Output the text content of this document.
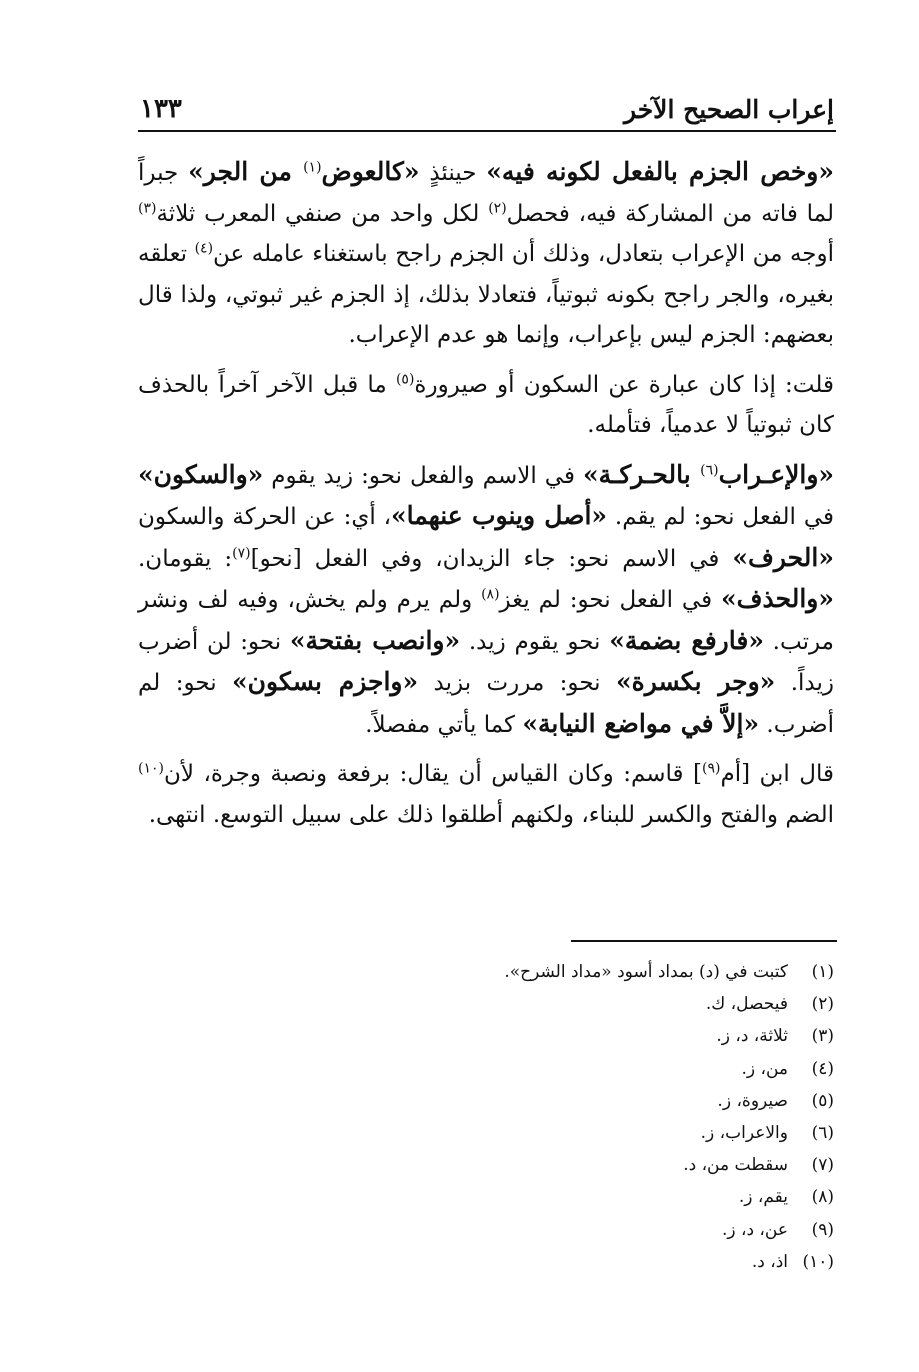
إعراب الصحيح الآخر
١٣٣

«وخص الجزم بالفعل لكونه فيه» حينئذٍ «كالعوض$^{(١)}$ من الجر» جبراً لما فاته من المشاركة فيه، فحصل$^{(٢)}$ لكل واحد من صنفي المعرب ثلاثة$^{(٣)}$ أوجه من الإعراب بتعادل، وذلك أن الجزم راجح باستغناء عامله عن$^{(٤)}$ تعلقه بغيره، والجر راجح بكونه ثبوتياً، فتعادلا بذلك، إذ الجزم غير ثبوتي، ولذا قال بعضهم: الجزم ليس بإعراب، وإنما هو عدم الإعراب.

قلت: إذا كان عبارة عن السكون أو صيرورة$^{(٥)}$ ما قبل الآخر آخراً بالحذف كان ثبوتياً لا عدمياً، فتأمله.

«والإعـراب$^{(٦)}$ بالحـركـة» في الاسم والفعل نحو: زيد يقوم «والسكون» في الفعل نحو: لم يقم. «أصل وينوب عنهما»، أي: عن الحركة والسكون «الحرف» في الاسم نحو: جاء الزيدان، وفي الفعل [نحو]$^{(٧)}$: يقومان. «والحذف» في الفعل نحو: لم يغز$^{(٨)}$ ولم يرم ولم يخش، وفيه لف ونشر مرتب. «فارفع بضمة» نحو يقوم زيد. «وانصب بفتحة» نحو: لن أضرب زيداً. «وجر بكسرة» نحو: مررت بزيد «واجزم بسكون» نحو: لم أضرب. «إلاَّ في مواضع النيابة» كما يأتي مفصلاً.

قال ابن [أم$^{(٩)}$] قاسم: وكان القياس أن يقال: برفعة ونصبة وجرة، لأن$^{(١٠)}$ الضم والفتح والكسر للبناء، ولكنهم أطلقوا ذلك على سبيل التوسع. انتهى.

(١)
كتبت في (د) بمداد أسود «مداد الشرح».
(٢)
فيحصل، ك.
(٣)
ثلاثة، د، ز.
(٤)
من، ز.
(٥)
صيروة، ز.
(٦)
والاعراب، ز.
(٧)
سقطت من، د.
(٨)
يقم، ز.
(٩)
عن، د، ز.
(١٠)
اذ، د.
